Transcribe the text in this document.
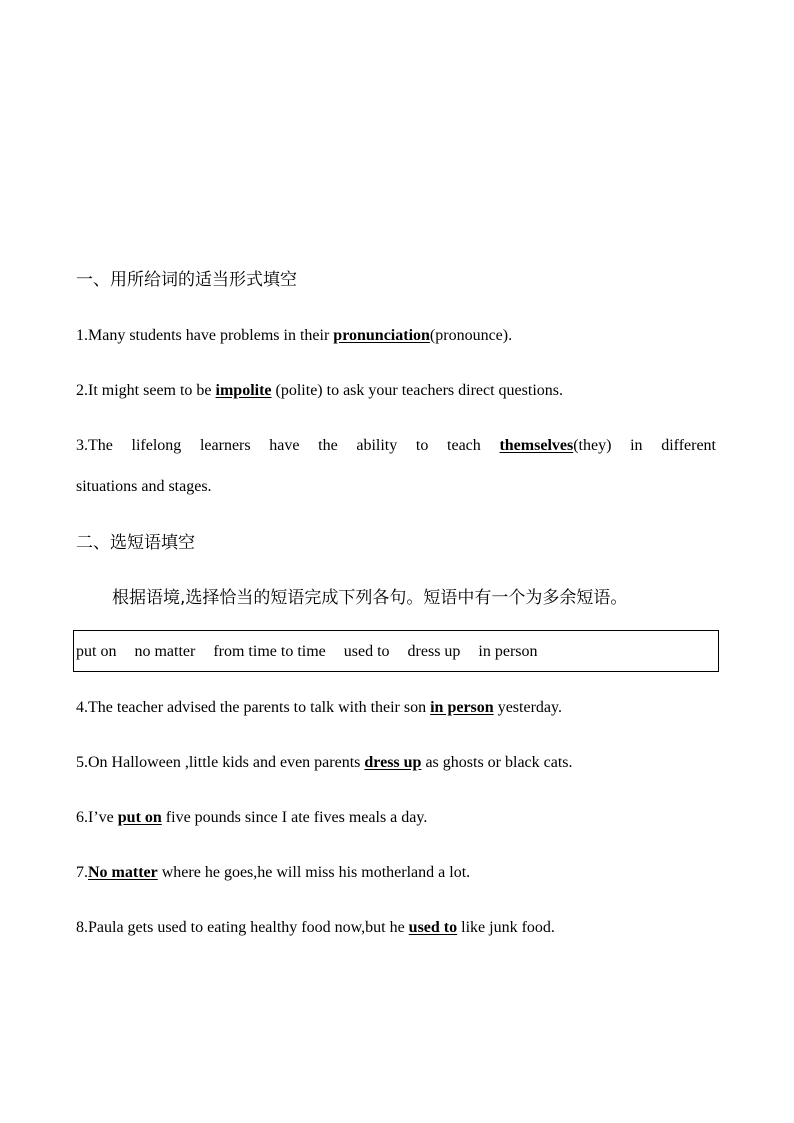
一、用所给词的适当形式填空
1.Many students have problems in their pronunciation(pronounce).
2.It might seem to be impolite (polite) to ask your teachers direct questions.
3.The lifelong learners have the ability to teach themselves(they) in different
situations and stages.
二、选短语填空
根据语境,选择恰当的短语完成下列各句。短语中有一个为多余短语。
put on no matter from time to time used to dress up in person
4.The teacher advised the parents to talk with their son in person yesterday.
5.On Halloween ,little kids and even parents dress up as ghosts or black cats.
6.I’ve put on five pounds since I ate fives meals a day.
7.No matter where he goes,he will miss his motherland a lot.
8.Paula gets used to eating healthy food now,but he used to like junk food.
